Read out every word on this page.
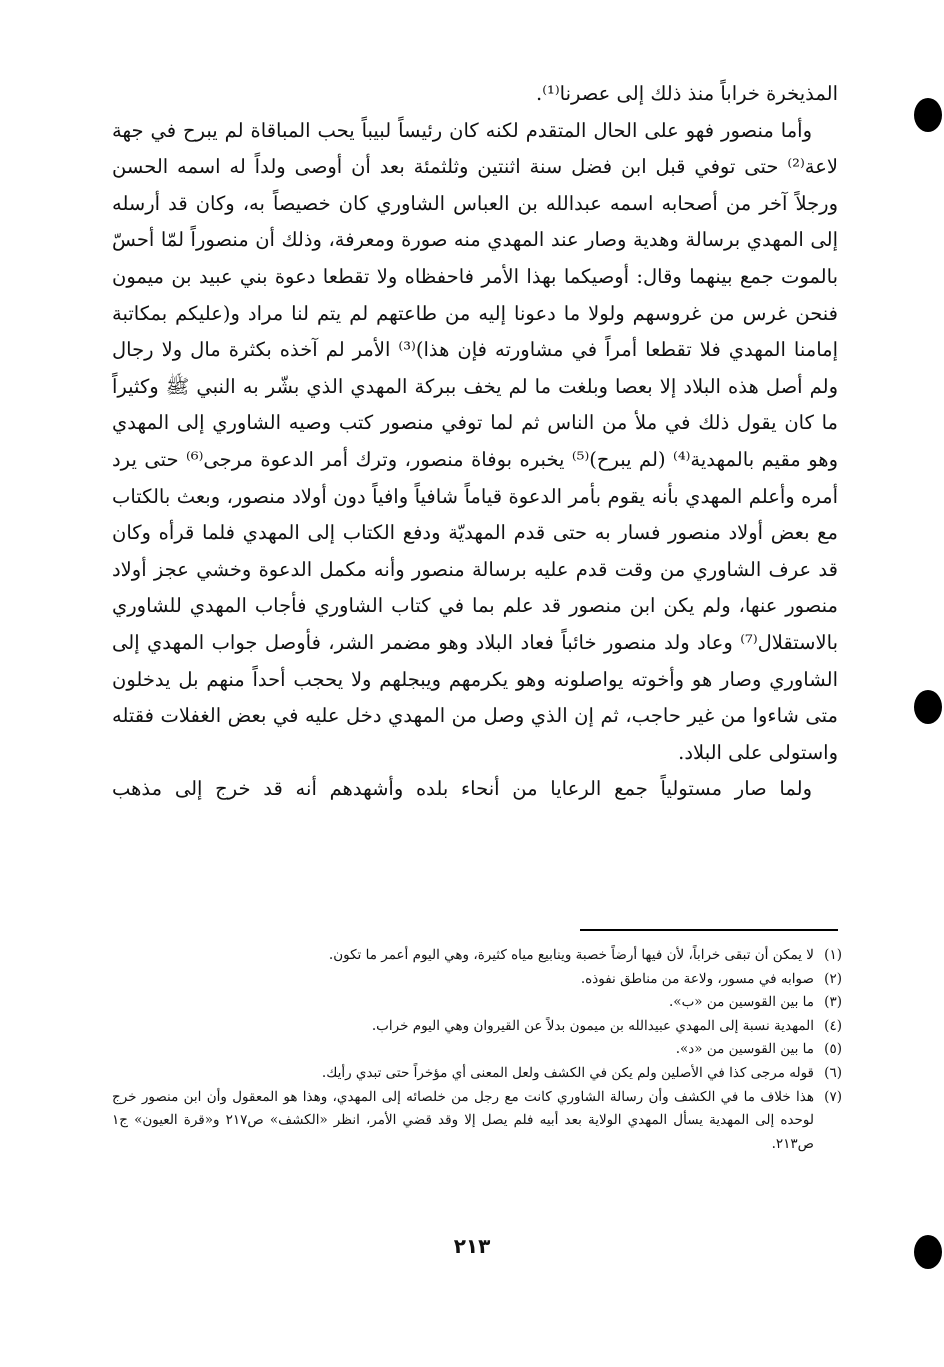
المذيخرة خراباً منذ ذلك إلى عصرنا⁽¹⁾.

وأما منصور فهو على الحال المتقدم لكنه كان رئيساً لبيباً يحب المباقاة لم يبرح في جهة لاعة⁽²⁾ حتى توفي قبل ابن فضل سنة اثنتين وثلثمئة بعد أن أوصى ولداً له اسمه الحسن ورجلاً آخر من أصحابه اسمه عبدالله بن العباس الشاوري كان خصيصاً به، وكان قد أرسله إلى المهدي برسالة وهدية وصار عند المهدي منه صورة ومعرفة، وذلك أن منصوراً لمّا أحسّ بالموت جمع بينهما وقال: أوصيكما بهذا الأمر فاحفظاه ولا تقطعا دعوة بني عبيد بن ميمون فنحن غرس من غروسهم ولولا ما دعونا إليه من طاعتهم لم يتم لنا مراد و(عليكم بمكاتبة إمامنا المهدي فلا تقطعا أمراً في مشاورته فإن هذا)⁽³⁾ الأمر لم آخذه بكثرة مال ولا رجال ولم أصل هذه البلاد إلا بعصا وبلغت ما لم يخف ببركة المهدي الذي بشّر به النبي ﷺ وكثيراً ما كان يقول ذلك في ملأ من الناس ثم لما توفي منصور كتب وصيه الشاوري إلى المهدي وهو مقيم بالمهدية⁽⁴⁾ (لم يبرح)⁽⁵⁾ يخبره بوفاة منصور، وترك أمر الدعوة مرجى⁽⁶⁾ حتى يرد أمره وأعلم المهدي بأنه يقوم بأمر الدعوة قياماً شافياً وافياً دون أولاد منصور، وبعث بالكتاب مع بعض أولاد منصور فسار به حتى قدم المهديّة ودفع الكتاب إلى المهدي فلما قرأه وكان قد عرف الشاوري من وقت قدم عليه برسالة منصور وأنه مكمل الدعوة وخشي عجز أولاد منصور عنها، ولم يكن ابن منصور قد علم بما في كتاب الشاوري فأجاب المهدي للشاوري بالاستقلال⁽⁷⁾ وعاد ولد منصور خائباً فعاد البلاد وهو مضمر الشر، فأوصل جواب المهدي إلى الشاوري وصار هو وأخوته يواصلونه وهو يكرمهم ويبجلهم ولا يحجب أحداً منهم بل يدخلون متى شاءوا من غير حاجب، ثم إن الذي وصل من المهدي دخل عليه في بعض الغفلات فقتله واستولى على البلاد.

ولما صار مستولياً جمع الرعايا من أنحاء بلده وأشهدهم أنه قد خرج إلى مذهب

(١)
لا يمكن أن تبقى خراباً، لأن فيها أرضاً خصبة وينابيع مياه كثيرة، وهي اليوم أعمر ما تكون.
(٢)
صوابه في مسور، ولاعة من مناطق نفوذه.
(٣)
ما بين القوسين من «ب».
(٤)
المهدية نسبة إلى المهدي عبيدالله بن ميمون بدلاً عن القيروان وهي اليوم خراب.
(٥)
ما بين القوسين من «د».
(٦)
قوله مرجى كذا في الأصلين ولم يكن في الكشف ولعل المعنى أي مؤخراً حتى تبدي رأيك.
(٧)
هذا خلاف ما في الكشف وأن رسالة الشاوري كانت مع رجل من خلصائه إلى المهدي، وهذا هو المعقول وأن ابن منصور خرج لوحده إلى المهدية يسأل المهدي الولاية بعد أبيه فلم يصل إلا وقد قضي الأمر، انظر «الكشف» ص٢١٧ و«قرة العيون» ج١ ص٢١٣.
٢١٣
